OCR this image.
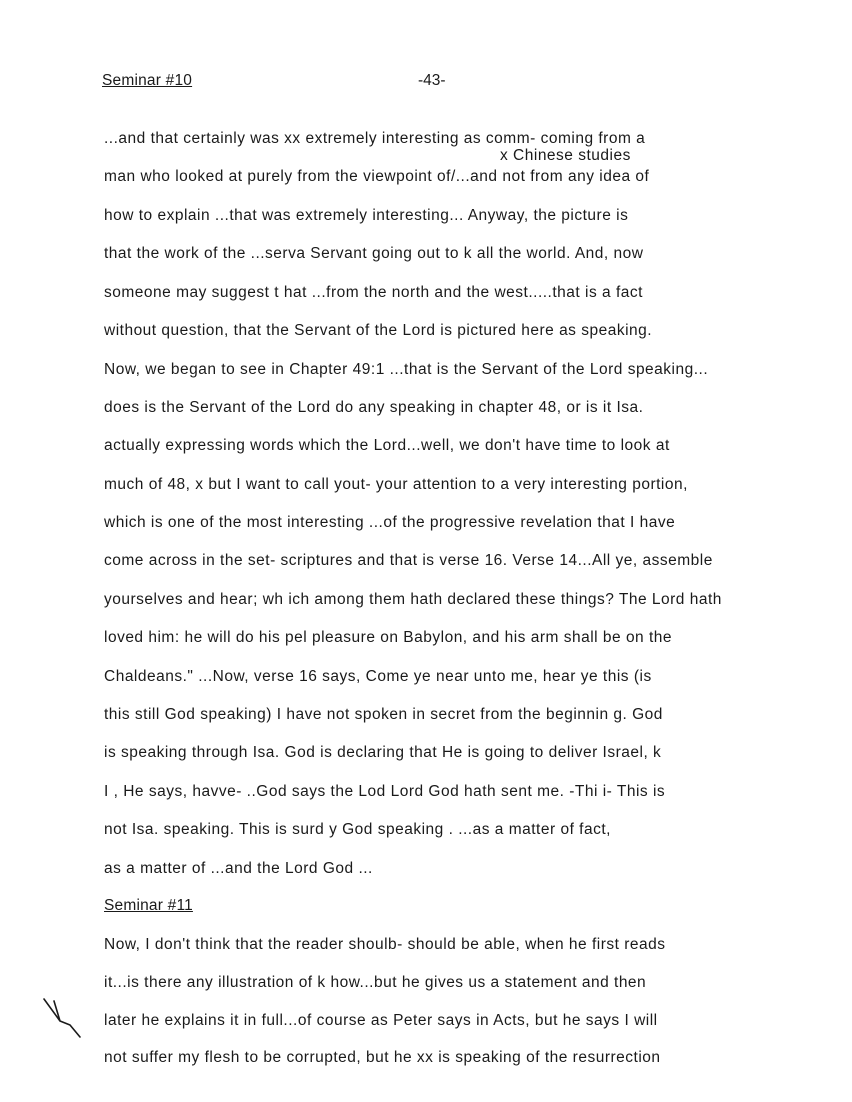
Seminar #10	-43-
x Chinese studies
...and that certainly was xx extremely interesting as comm- coming from a
man who looked at purely from the viewpoint of/...and not from any idea of
how to explain ...that was extremely interesting... Anyway, the picture is
that the work of the ...serva Servant going out to k all the world. And, now
someone may suggest t hat ...from the north and the west.....that is a fact
without question, that the Servant of the Lord is pictured here as speaking.
Now, we began to see in Chapter 49:1 ...that is the Servant of the Lord speaking...
does is the Servant of the Lord do any speaking in chapter 48, or is it Isa.
actually expressing words which the Lord...well, we don't have time to look at
much of 48, x but I want to call yout- your attention to a very interesting portion,
which is one of the most interesting ...of the progressive revelation that I have
come across in the set- scriptures and that is verse 16. Verse 14...All ye, assemble
yourselves and hear; wh ich among them hath declared these things? The Lord hath
loved him: he will do his pel pleasure on Babylon, and his arm shall be on the
Chaldeans." ...Now, verse 16 says, Come ye near unto me, hear ye this (is
this still God speaking) I have not spoken in secret from the beginnin g. God
is speaking through Isa. God is declaring that He is going to deliver Israel, k
I , He says, havve- ..God says the Lod Lord God hath sent me. -Thi i- This is
not Isa. speaking. This is surd y God speaking . ...as a matter of fact,
as a matter of ...and the Lord God ...
Seminar #11
Now, I don't think that the reader shoulb- should be able, when he first reads
it...is there any illustration of k how...but he gives us a statement and then
later he explains it in full...of course as Peter says in Acts, but he says I will
not suffer my flesh to be corrupted, but he xx is speaking of the resurrection
